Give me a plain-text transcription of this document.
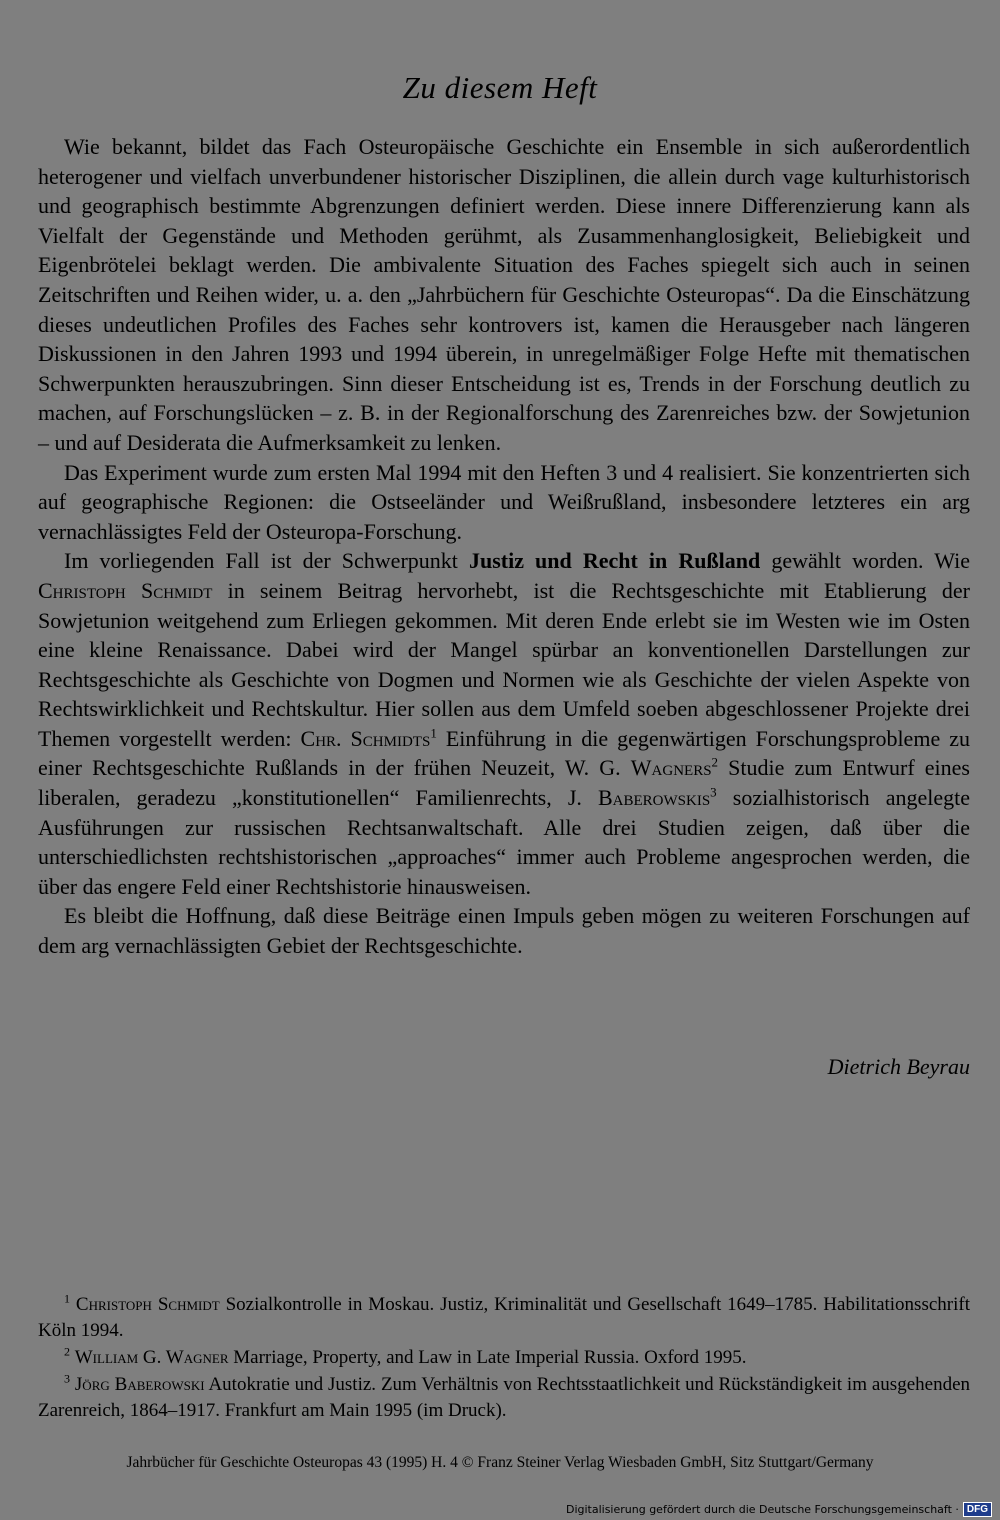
Zu diesem Heft

Wie bekannt, bildet das Fach Osteuropäische Geschichte ein Ensemble in sich außerordentlich heterogener und vielfach unverbundener historischer Disziplinen, die allein durch vage kulturhistorisch und geographisch bestimmte Abgrenzungen definiert werden. Diese innere Differenzierung kann als Vielfalt der Gegenstände und Methoden gerühmt, als Zusammenhanglosigkeit, Beliebigkeit und Eigenbrötelei beklagt werden. Die ambivalente Situation des Faches spiegelt sich auch in seinen Zeitschriften und Reihen wider, u. a. den „Jahrbüchern für Geschichte Osteuropas“. Da die Einschätzung dieses undeutlichen Profiles des Faches sehr kontrovers ist, kamen die Herausgeber nach längeren Diskussionen in den Jahren 1993 und 1994 überein, in unregelmäßiger Folge Hefte mit thematischen Schwerpunkten herauszubringen. Sinn dieser Entscheidung ist es, Trends in der Forschung deutlich zu machen, auf Forschungslücken – z. B. in der Regionalforschung des Zarenreiches bzw. der Sowjetunion – und auf Desiderata die Aufmerksamkeit zu lenken.

Das Experiment wurde zum ersten Mal 1994 mit den Heften 3 und 4 realisiert. Sie konzentrierten sich auf geographische Regionen: die Ostseeländer und Weißrußland, insbesondere letzteres ein arg vernachlässigtes Feld der Osteuropa-Forschung.

Im vorliegenden Fall ist der Schwerpunkt Justiz und Recht in Rußland gewählt worden. Wie Christoph Schmidt in seinem Beitrag hervorhebt, ist die Rechtsgeschichte mit Etablierung der Sowjetunion weitgehend zum Erliegen gekommen. Mit deren Ende erlebt sie im Westen wie im Osten eine kleine Renaissance. Dabei wird der Mangel spürbar an konventionellen Darstellungen zur Rechtsgeschichte als Geschichte von Dogmen und Normen wie als Geschichte der vielen Aspekte von Rechtswirklichkeit und Rechtskultur. Hier sollen aus dem Umfeld soeben abgeschlossener Projekte drei Themen vorgestellt werden: Chr. Schmidts$^1$ Einführung in die gegenwärtigen Forschungsprobleme zu einer Rechtsgeschichte Rußlands in der frühen Neuzeit, W. G. Wagners$^2$ Studie zum Entwurf eines liberalen, geradezu „konstitutionellen“ Familienrechts, J. Baberowskis$^3$ sozialhistorisch angelegte Ausführungen zur russischen Rechtsanwaltschaft. Alle drei Studien zeigen, daß über die unterschiedlichsten rechtshistorischen „approaches“ immer auch Probleme angesprochen werden, die über das engere Feld einer Rechtshistorie hinausweisen.

Es bleibt die Hoffnung, daß diese Beiträge einen Impuls geben mögen zu weiteren Forschungen auf dem arg vernachlässigten Gebiet der Rechtsgeschichte.

Dietrich Beyrau

$^1$ Christoph Schmidt Sozialkontrolle in Moskau. Justiz, Kriminalität und Gesellschaft 1649–1785. Habilitationsschrift Köln 1994.

$^2$ William G. Wagner Marriage, Property, and Law in Late Imperial Russia. Oxford 1995.

$^3$ Jörg Baberowski Autokratie und Justiz. Zum Verhältnis von Rechtsstaatlichkeit und Rückständigkeit im ausgehenden Zarenreich, 1864–1917. Frankfurt am Main 1995 (im Druck).

Jahrbücher für Geschichte Osteuropas 43 (1995) H. 4 © Franz Steiner Verlag Wiesbaden GmbH, Sitz Stuttgart/Germany
Digitalisierung gefördert durch die Deutsche Forschungsgemeinschaft · DFG
